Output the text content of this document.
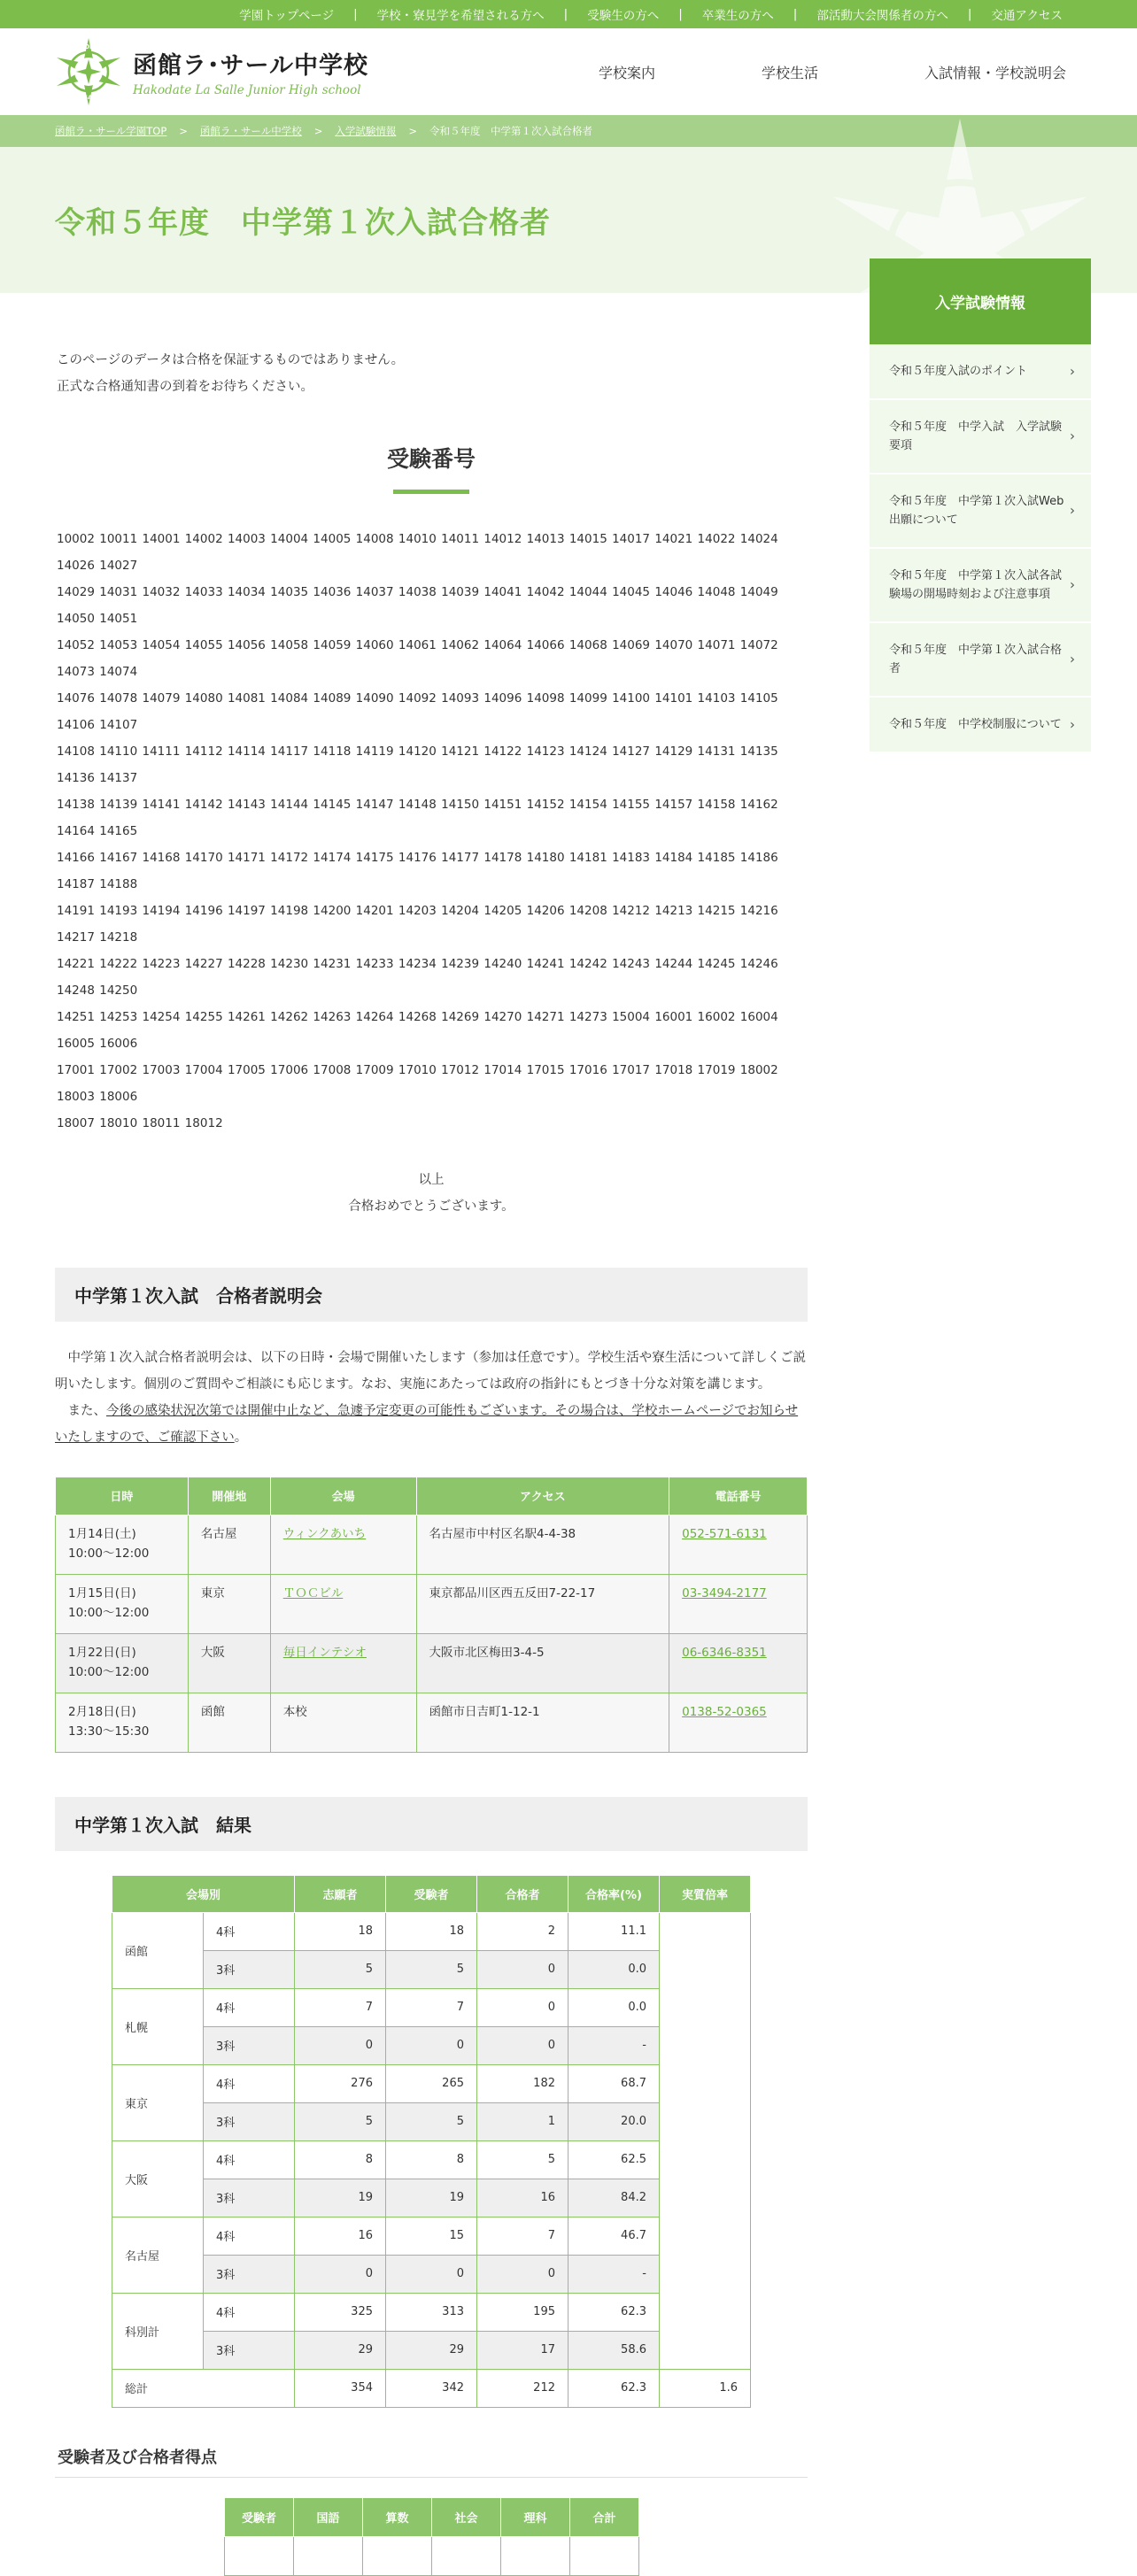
学園トップページ | 学校・寮見学を希望される方へ | 受験生の方へ | 卒業生の方へ | 部活動大会関係者の方へ | 交通アクセス
HAKODATE
LA SALLE
函館ラ･サール中学校
Hakodate La Salle Junior High school
学校案内	学校生活	入試情報・学校説明会
函館ラ・サール学園TOP > 函館ラ・サール中学校 > 入学試験情報 > 令和５年度　中学第１次入試合格者
令和５年度　中学第１次入試合格者
入学試験情報
令和５年度入試のポイント	›
令和５年度　中学入試　入学試験要項
›
令和５年度　中学第１次入試Web出願について
›
令和５年度　中学第１次入試各試験場の開場時刻および注意事項
›
令和５年度　中学第１次入試合格者
›
令和５年度　中学校制服について ›
このページのデータは合格を保証するものではありません。
正式な合格通知書の到着をお待ちください。
受験番号
10002 10011 14001 14002 14003 14004 14005 14008 14010 14011 14012 14013 14015 14017 14021 14022 14024 14026 14027
14029 14031 14032 14033 14034 14035 14036 14037 14038 14039 14041 14042 14044 14045 14046 14048 14049 14050 14051
14052 14053 14054 14055 14056 14058 14059 14060 14061 14062 14064 14066 14068 14069 14070 14071 14072 14073 14074
14076 14078 14079 14080 14081 14084 14089 14090 14092 14093 14096 14098 14099 14100 14101 14103 14105 14106 14107
14108 14110 14111 14112 14114 14117 14118 14119 14120 14121 14122 14123 14124 14127 14129 14131 14135 14136 14137
14138 14139 14141 14142 14143 14144 14145 14147 14148 14150 14151 14152 14154 14155 14157 14158 14162 14164 14165
14166 14167 14168 14170 14171 14172 14174 14175 14176 14177 14178 14180 14181 14183 14184 14185 14186 14187 14188
14191 14193 14194 14196 14197 14198 14200 14201 14203 14204 14205 14206 14208 14212 14213 14215 14216 14217 14218
14221 14222 14223 14227 14228 14230 14231 14233 14234 14239 14240 14241 14242 14243 14244 14245 14246 14248 14250
14251 14253 14254 14255 14261 14262 14263 14264 14268 14269 14270 14271 14273 15004 16001 16002 16004 16005 16006
17001 17002 17003 17004 17005 17006 17008 17009 17010 17012 17014 17015 17016 17017 17018 17019 18002 18003 18006
18007 18010 18011 18012
以上
合格おめでとうございます。
中学第１次入試　合格者説明会
　中学第１次入試合格者説明会は、以下の日時・会場で開催いたします（参加は任意です）。学校生活や寮生活について詳しくご説明いたします。個別のご質問やご相談にも応じます。なお、実施にあたっては政府の指針にもとづき十分な対策を講じます。
　また、今後の感染状況次第では開催中止など、急遽予定変更の可能性もございます。その場合は、学校ホームページでお知らせいたしますので、ご確認下さい。
日時	開催地	会場	アクセス	電話番号

1月14日(土)
10:00～12:00	名古屋	ウィンクあいち	名古屋市中村区名駅4-4-38	052-571-6131

1月15日(日)
10:00～12:00	東京	ＴＯＣビル	東京都品川区西五反田7-22-17	03-3494-2177

1月22日(日)
10:00～12:00	大阪	毎日インテシオ	大阪市北区梅田3-4-5	06-6346-8351

2月18日(日)
13:30～15:30	函館	本校	函館市日吉町1-12-1	0138-52-0365
中学第１次入試　結果
会場別		志願者	受験者	合格者	合格率(%)	実質倍率
函館	4科	18	18	2	11.1	
	3科	5	5	0	0.0	
札幌	4科	7	7	0	0.0	
	3科	0	0	0	-	
東京	4科	276	265	182	68.7	
	3科	5	5	1	20.0	
大阪	4科	8	8	5	62.5	
	3科	19	19	16	84.2	
名古屋	4科	16	15	7	46.7	
	3科	0	0	0	-	
科別計	4科	325	313	195	62.3	
	3科	29	29	17	58.6	
総計		354	342	212	62.3	1.6
受験者及び合格者得点
受験者	国語	算数	社会	理科	合計
